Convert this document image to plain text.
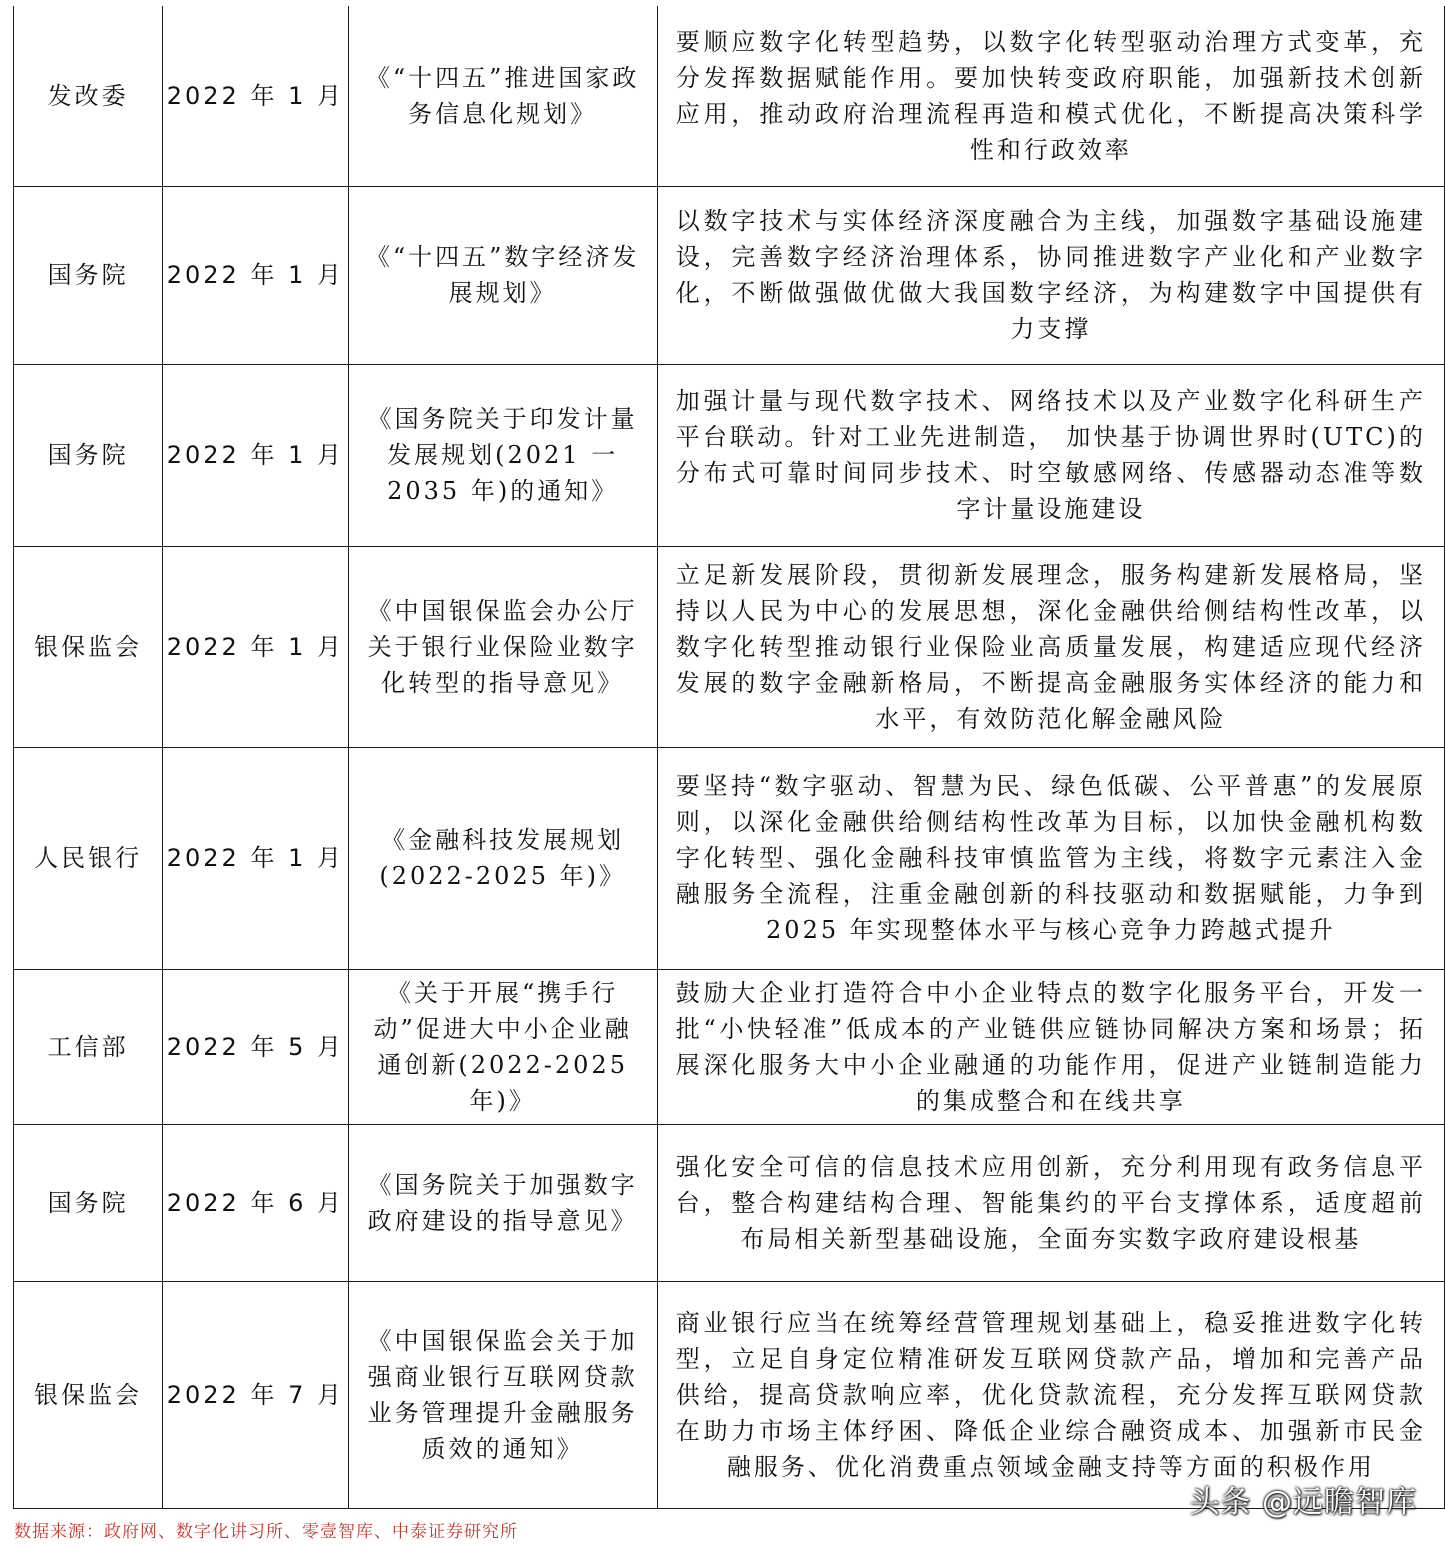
发改委	2022 年 1 月	《“十四五”推进国家政务信息化规划》	要顺应数字化转型趋势，以数字化转型驱动治理方式变革，充分发挥数据赋能作用。要加快转变政府职能，加强新技术创新应用，推动政府治理流程再造和模式优化，不断提高决策科学性和行政效率
国务院	2022 年 1 月	《“十四五”数字经济发展规划》	以数字技术与实体经济深度融合为主线，加强数字基础设施建设，完善数字经济治理体系，协同推进数字产业化和产业数字化，不断做强做优做大我国数字经济，为构建数字中国提供有力支撑
国务院	2022 年 1 月	《国务院关于印发计量发展规划(2021 一 2035 年)的通知》	加强计量与现代数字技术、网络技术以及产业数字化科研生产平台联动。针对工业先进制造， 加快基于协调世界时(UTC)的分布式可靠时间同步技术、时空敏感网络、传感器动态准等数字计量设施建设
银保监会	2022 年 1 月	《中国银保监会办公厅关于银行业保险业数字化转型的指导意见》	立足新发展阶段，贯彻新发展理念，服务构建新发展格局，坚持以人民为中心的发展思想，深化金融供给侧结构性改革，以数字化转型推动银行业保险业高质量发展，构建适应现代经济发展的数字金融新格局，不断提高金融服务实体经济的能力和水平，有效防范化解金融风险
人民银行	2022 年 1 月	《金融科技发展规划(2022-2025 年)》	要坚持“数字驱动、智慧为民、绿色低碳、公平普惠”的发展原则，以深化金融供给侧结构性改革为目标，以加快金融机构数字化转型、强化金融科技审慎监管为主线，将数字元素注入金融服务全流程，注重金融创新的科技驱动和数据赋能，力争到 2025 年实现整体水平与核心竞争力跨越式提升
工信部	2022 年 5 月	《关于开展“携手行动”促进大中小企业融通创新(2022-2025 年)》	鼓励大企业打造符合中小企业特点的数字化服务平台，开发一批“小快轻准”低成本的产业链供应链协同解决方案和场景；拓展深化服务大中小企业融通的功能作用，促进产业链制造能力的集成整合和在线共享
国务院	2022 年 6 月	《国务院关于加强数字政府建设的指导意见》	强化安全可信的信息技术应用创新，充分利用现有政务信息平台，整合构建结构合理、智能集约的平台支撑体系，适度超前布局相关新型基础设施，全面夯实数字政府建设根基
银保监会	2022 年 7 月	《中国银保监会关于加强商业银行互联网贷款业务管理提升金融服务质效的通知》	商业银行应当在统筹经营管理规划基础上，稳妥推进数字化转型，立足自身定位精准研发互联网贷款产品，增加和完善产品供给，提高贷款响应率，优化贷款流程，充分发挥互联网贷款在助力市场主体纾困、降低企业综合融资成本、加强新市民金融服务、优化消费重点领域金融支持等方面的积极作用
头条 @远瞻智库
数据来源：政府网、数字化讲习所、零壹智库、中泰证券研究所
